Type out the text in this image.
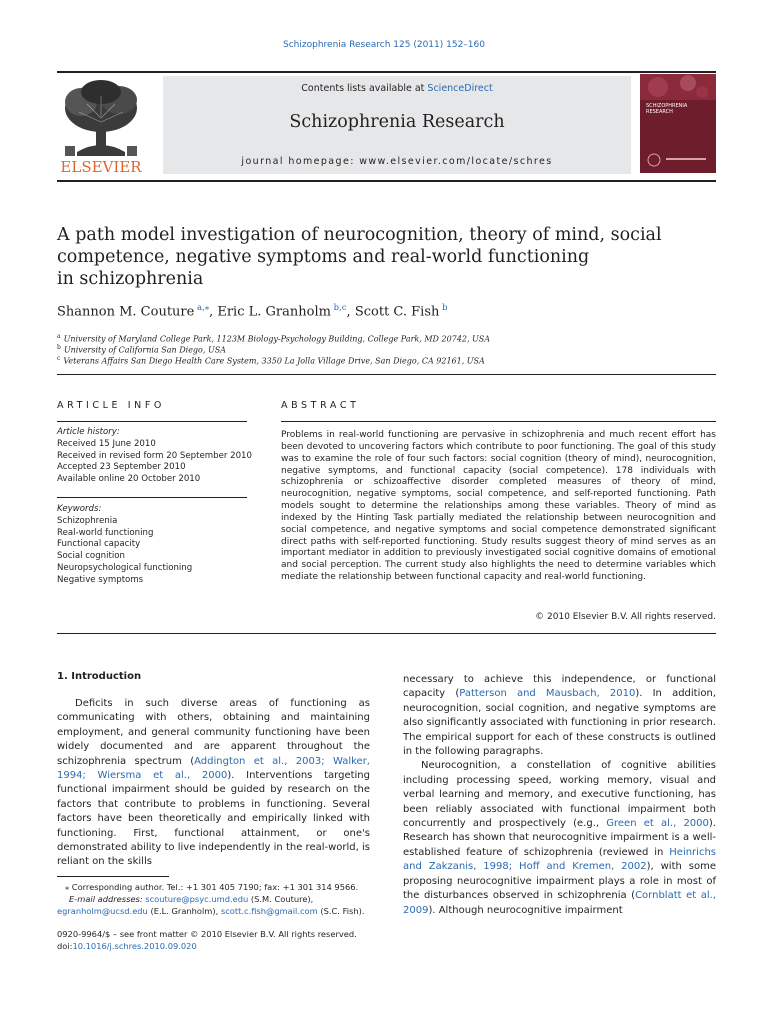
Schizophrenia Research 125 (2011) 152–160
ELSEVIER
Contents lists available at ScienceDirect
Schizophrenia Research
journal homepage: www.elsevier.com/locate/schres
SCHIZOPHRENIA RESEARCH
A path model investigation of neurocognition, theory of mind, social
competence, negative symptoms and real-world functioning
in schizophrenia
Shannon M. Couture $^{a,⁎}$, Eric L. Granholm $^{b,c}$, Scott C. Fish $^b$
$^a$ University of Maryland College Park, 1123M Biology-Psychology Building, College Park, MD 20742, USA
$^b$ University of California San Diego, USA
$^c$ Veterans Affairs San Diego Health Care System, 3350 La Jolla Village Drive, San Diego, CA 92161, USA
ARTICLE INFO
Article history:
Received 15 June 2010
Received in revised form 20 September 2010
Accepted 23 September 2010
Available online 20 October 2010
Keywords:
Schizophrenia
Real-world functioning
Functional capacity
Social cognition
Neuropsychological functioning
Negative symptoms
ABSTRACT
Problems in real-world functioning are pervasive in schizophrenia and much recent effort has been devoted to uncovering factors which contribute to poor functioning. The goal of this study was to examine the role of four such factors: social cognition (theory of mind), neurocognition, negative symptoms, and functional capacity (social competence). 178 individuals with schizophrenia or schizoaffective disorder completed measures of theory of mind, neurocognition, negative symptoms, social competence, and self-reported functioning. Path models sought to determine the relationships among these variables. Theory of mind as indexed by the Hinting Task partially mediated the relationship between neurocognition and social competence, and negative symptoms and social competence demonstrated significant direct paths with self-reported functioning. Study results suggest theory of mind serves as an important mediator in addition to previously investigated social cognitive domains of emotional and social perception. The current study also highlights the need to determine variables which mediate the relationship between functional capacity and real-world functioning.
© 2010 Elsevier B.V. All rights reserved.
1. Introduction

Deficits in such diverse areas of functioning as communicating with others, obtaining and maintaining employment, and general community functioning have been widely documented and are apparent throughout the schizophrenia spectrum (Addington et al., 2003; Walker, 1994; Wiersma et al., 2000). Interventions targeting functional impairment should be guided by research on the factors that contribute to problems in functioning. Several factors have been theoretically and empirically linked with functioning. First, functional attainment, or one's demonstrated ability to live independently in the real-world, is reliant on the skills

necessary to achieve this independence, or functional capacity (Patterson and Mausbach, 2010). In addition, neurocognition, social cognition, and negative symptoms are also significantly associated with functioning in prior research. The empirical support for each of these constructs is outlined in the following paragraphs.

Neurocognition, a constellation of cognitive abilities including processing speed, working memory, visual and verbal learning and memory, and executive functioning, has been reliably associated with functional impairment both concurrently and prospectively (e.g., Green et al., 2000). Research has shown that neurocognitive impairment is a well-established feature of schizophrenia (reviewed in Heinrichs and Zakzanis, 1998; Hoff and Kremen, 2002), with some proposing neurocognitive impairment plays a role in most of the disturbances observed in schizophrenia (Cornblatt et al., 2009). Although neurocognitive impairment

⁎ Corresponding author. Tel.: +1 301 405 7190; fax: +1 301 314 9566.
E-mail addresses: scouture@psyc.umd.edu (S.M. Couture),
egranholm@ucsd.edu (E.L. Granholm), scott.c.fish@gmail.com (S.C. Fish).
0920-9964/$ – see front matter © 2010 Elsevier B.V. All rights reserved.
doi:10.1016/j.schres.2010.09.020
